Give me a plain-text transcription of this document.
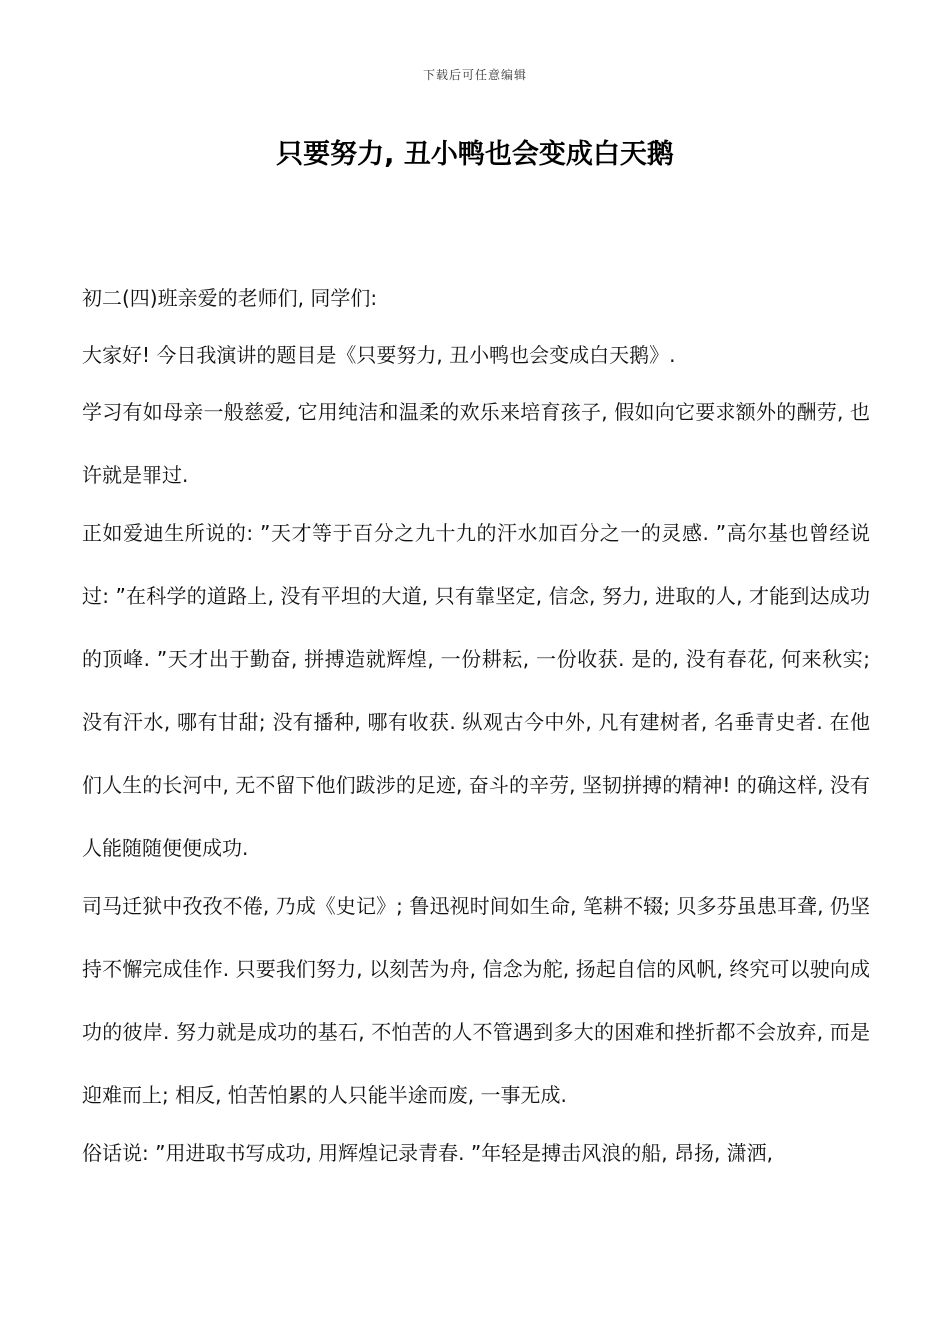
下载后可任意编辑
只要努力, 丑小鸭也会变成白天鹅

初二(四)班亲爱的老师们, 同学们:

大家好! 今日我演讲的题目是《只要努力, 丑小鸭也会变成白天鹅》.

学习有如母亲一般慈爱, 它用纯洁和温柔的欢乐来培育孩子, 假如向它要求额外的酬劳, 也许就是罪过.

正如爱迪生所说的: ”天才等于百分之九十九的汗水加百分之一的灵感. ”高尔基也曾经说过: ”在科学的道路上, 没有平坦的大道, 只有靠坚定, 信念, 努力, 进取的人, 才能到达成功的顶峰. ”天才出于勤奋, 拼搏造就辉煌, 一份耕耘, 一份收获. 是的, 没有春花, 何来秋实; 没有汗水, 哪有甘甜; 没有播种, 哪有收获. 纵观古今中外, 凡有建树者, 名垂青史者. 在他们人生的长河中, 无不留下他们跋涉的足迹, 奋斗的辛劳, 坚韧拼搏的精神! 的确这样, 没有人能随随便便成功.

司马迁狱中孜孜不倦, 乃成《史记》; 鲁迅视时间如生命, 笔耕不辍; 贝多芬虽患耳聋, 仍坚持不懈完成佳作. 只要我们努力, 以刻苦为舟, 信念为舵, 扬起自信的风帆, 终究可以驶向成功的彼岸. 努力就是成功的基石, 不怕苦的人不管遇到多大的困难和挫折都不会放弃, 而是迎难而上; 相反, 怕苦怕累的人只能半途而废, 一事无成.

俗话说: ”用进取书写成功, 用辉煌记录青春. ”年轻是搏击风浪的船, 昂扬, 潇洒,
